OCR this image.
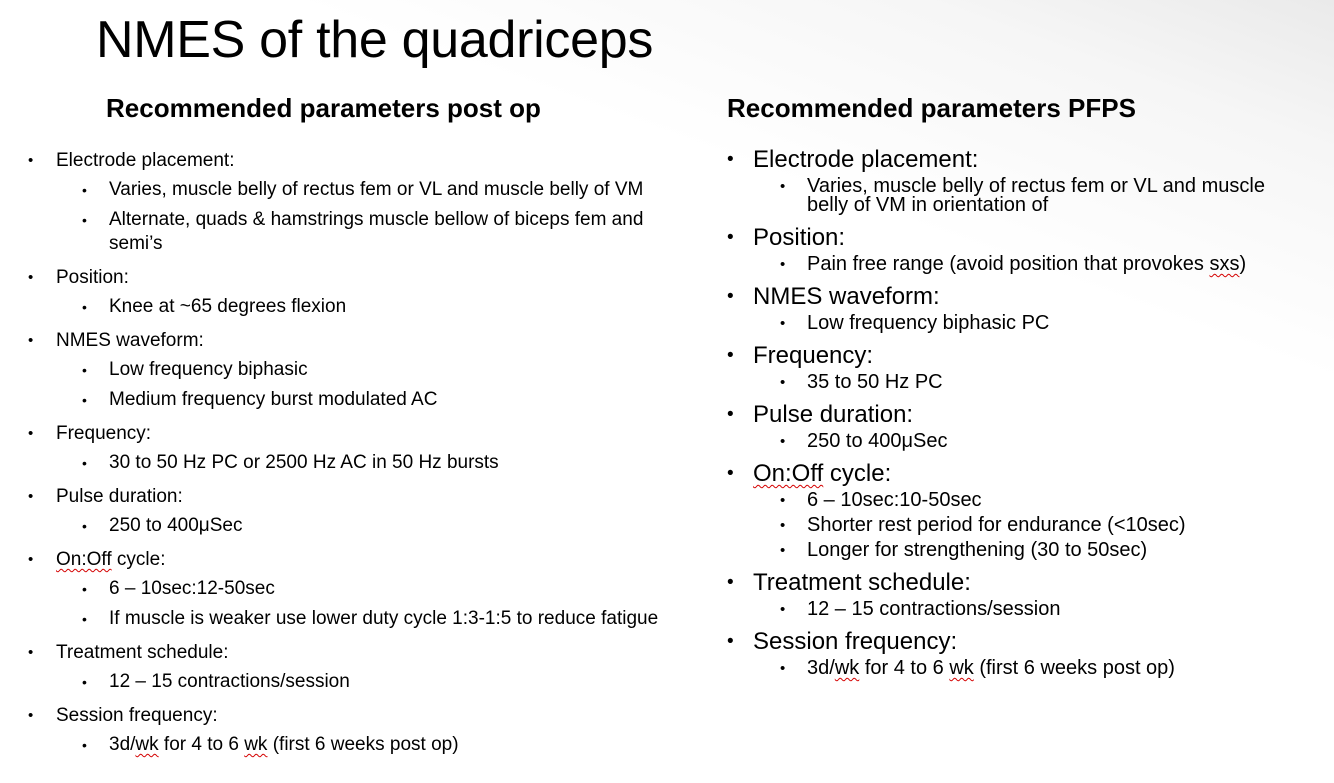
NMES of the quadriceps
Recommended parameters post op	Recommended parameters PFPS
• Electrode placement:
• Varies, muscle belly of rectus fem or VL and muscle belly of VM
• Alternate, quads & hamstrings muscle bellow of biceps fem and semi’s
• Position:
• Knee at ~65 degrees flexion
• NMES waveform:
• Low frequency biphasic
• Medium frequency burst modulated AC
• Frequency:
• 30 to 50 Hz PC or 2500 Hz AC in 50 Hz bursts
• Pulse duration:
• 250 to 400μSec
• On:Off cycle:
• 6 – 10sec:12-50sec
• If muscle is weaker use lower duty cycle 1:3-1:5 to reduce fatigue
• Treatment schedule:
• 12 – 15 contractions/session
• Session frequency:
• 3d/wk for 4 to 6 wk (first 6 weeks post op)
• Electrode placement:
• Varies, muscle belly of rectus fem or VL and muscle belly of VM in orientation of
• Position:
• Pain free range (avoid position that provokes sxs)
• NMES waveform:
• Low frequency biphasic PC
• Frequency:
• 35 to 50 Hz PC
• Pulse duration:
• 250 to 400μSec
• On:Off cycle:
• 6 – 10sec:10-50sec
• Shorter rest period for endurance (<10sec)
• Longer for strengthening (30 to 50sec)
• Treatment schedule:
• 12 – 15 contractions/session
• Session frequency:
• 3d/wk for 4 to 6 wk (first 6 weeks post op)
